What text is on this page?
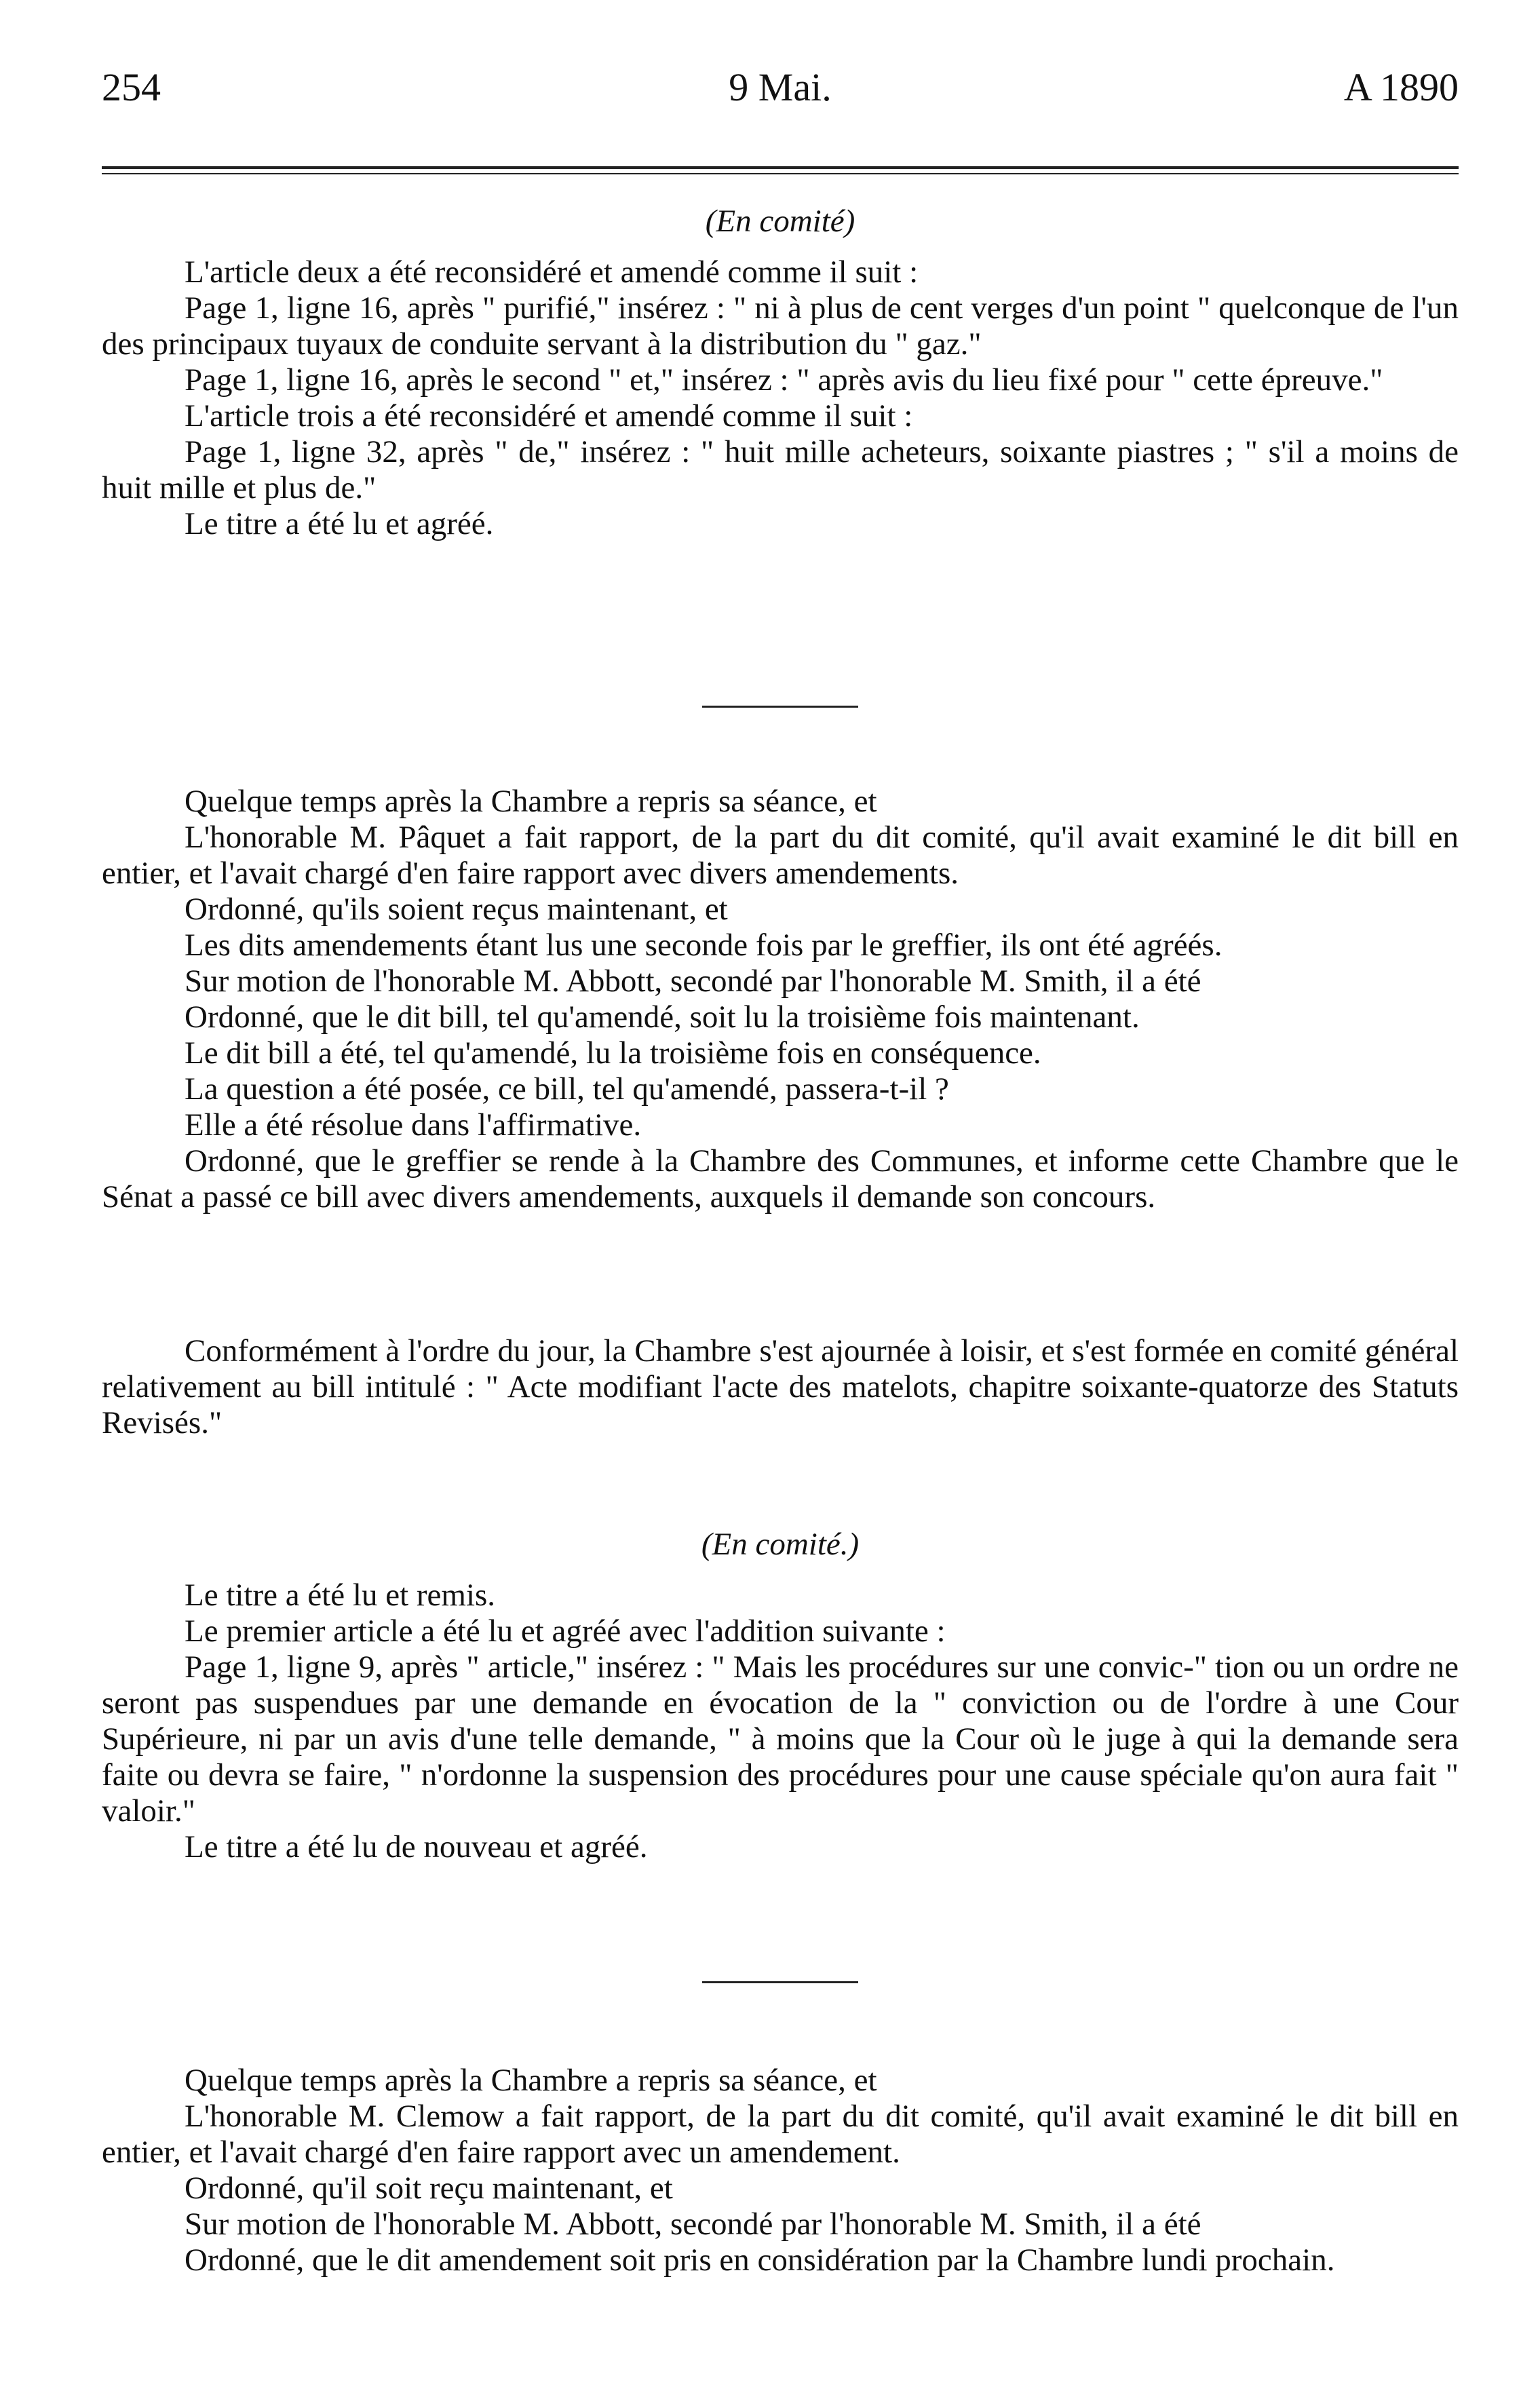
254	9 Mai.	A 1890

(En comité)

L'article deux a été reconsidéré et amendé comme il suit :

Page 1, ligne 16, après " purifié," insérez : " ni à plus de cent verges d'un point " quelconque de l'un des principaux tuyaux de conduite servant à la distribution du " gaz."

Page 1, ligne 16, après le second " et," insérez : " après avis du lieu fixé pour " cette épreuve."

L'article trois a été reconsidéré et amendé comme il suit :

Page 1, ligne 32, après " de," insérez : " huit mille acheteurs, soixante piastres ; " s'il a moins de huit mille et plus de."

Le titre a été lu et agréé.

Quelque temps après la Chambre a repris sa séance, et

L'honorable M. Pâquet a fait rapport, de la part du dit comité, qu'il avait examiné le dit bill en entier, et l'avait chargé d'en faire rapport avec divers amendements.

Ordonné, qu'ils soient reçus maintenant, et

Les dits amendements étant lus une seconde fois par le greffier, ils ont été agréés.

Sur motion de l'honorable M. Abbott, secondé par l'honorable M. Smith, il a été

Ordonné, que le dit bill, tel qu'amendé, soit lu la troisième fois maintenant.

Le dit bill a été, tel qu'amendé, lu la troisième fois en conséquence.

La question a été posée, ce bill, tel qu'amendé, passera-t-il ?

Elle a été résolue dans l'affirmative.

Ordonné, que le greffier se rende à la Chambre des Communes, et informe cette Chambre que le Sénat a passé ce bill avec divers amendements, auxquels il demande son concours.

Conformément à l'ordre du jour, la Chambre s'est ajournée à loisir, et s'est formée en comité général relativement au bill intitulé : " Acte modifiant l'acte des matelots, chapitre soixante-quatorze des Statuts Revisés."

(En comité.)

Le titre a été lu et remis.

Le premier article a été lu et agréé avec l'addition suivante :

Page 1, ligne 9, après " article," insérez : " Mais les procédures sur une convic-" tion ou un ordre ne seront pas suspendues par une demande en évocation de la " conviction ou de l'ordre à une Cour Supérieure, ni par un avis d'une telle demande, " à moins que la Cour où le juge à qui la demande sera faite ou devra se faire, " n'ordonne la suspension des procédures pour une cause spéciale qu'on aura fait " valoir."

Le titre a été lu de nouveau et agréé.

Quelque temps après la Chambre a repris sa séance, et

L'honorable M. Clemow a fait rapport, de la part du dit comité, qu'il avait examiné le dit bill en entier, et l'avait chargé d'en faire rapport avec un amendement.

Ordonné, qu'il soit reçu maintenant, et

Sur motion de l'honorable M. Abbott, secondé par l'honorable M. Smith, il a été

Ordonné, que le dit amendement soit pris en considération par la Chambre lundi prochain.
